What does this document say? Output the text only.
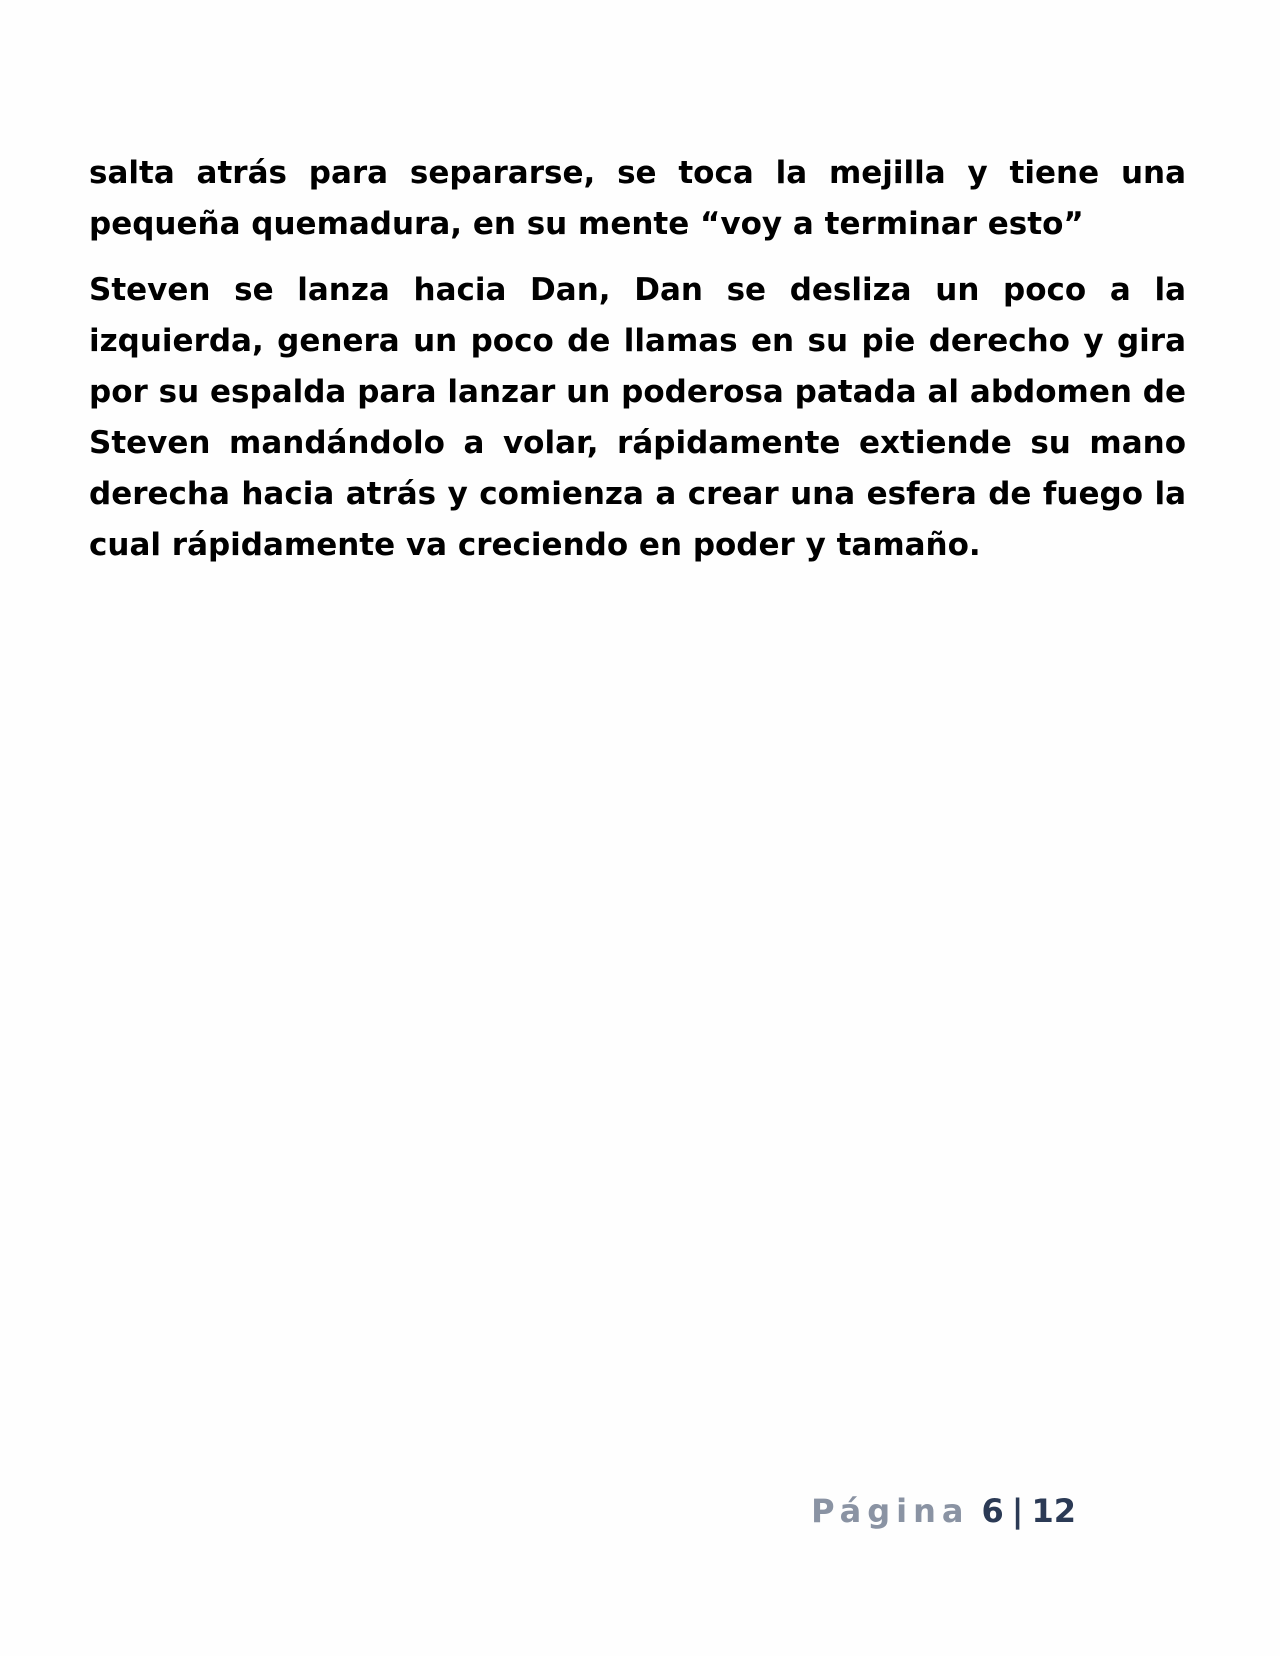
salta atrás para separarse, se toca la mejilla y tiene una pequeña quemadura, en su mente “voy a terminar esto”

Steven se lanza hacia Dan, Dan se desliza un poco a la izquierda, genera un poco de llamas en su pie derecho y gira por su espalda para lanzar un poderosa patada al abdomen de Steven mandándolo a volar, rápidamente extiende su mano derecha hacia atrás y comienza a crear una esfera de fuego la cual rápidamente va creciendo en poder y tamaño.

Página 6 | 12
